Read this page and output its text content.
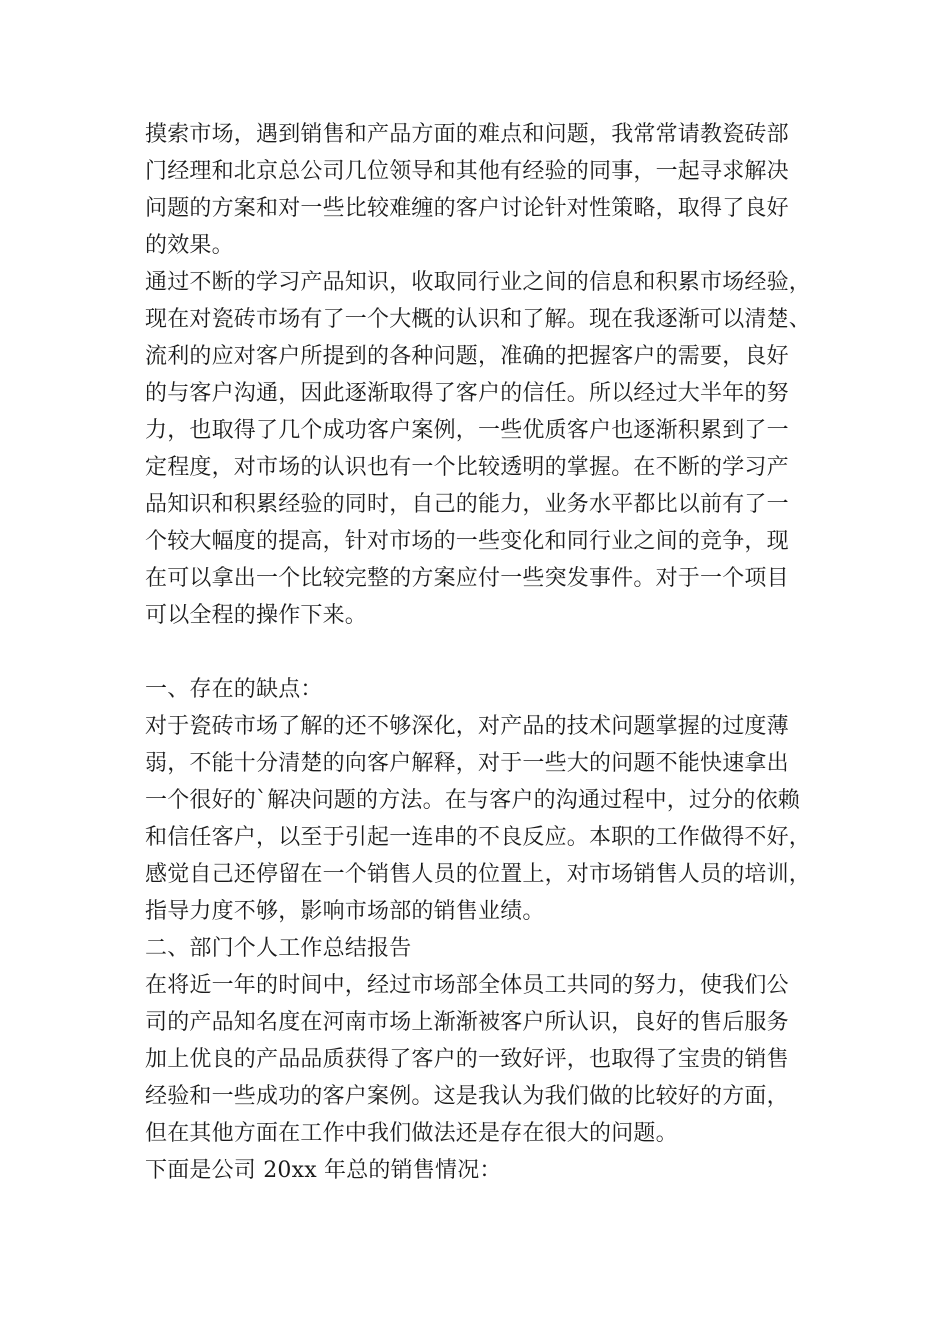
摸索市场，遇到销售和产品方面的难点和问题，我常常请教瓷砖部
门经理和北京总公司几位领导和其他有经验的同事，一起寻求解决
问题的方案和对一些比较难缠的客户讨论针对性策略，取得了良好
的效果。
通过不断的学习产品知识，收取同行业之间的信息和积累市场经验，
现在对瓷砖市场有了一个大概的认识和了解。现在我逐渐可以清楚、
流利的应对客户所提到的各种问题，准确的把握客户的需要，良好
的与客户沟通，因此逐渐取得了客户的信任。所以经过大半年的努
力，也取得了几个成功客户案例，一些优质客户也逐渐积累到了一
定程度，对市场的认识也有一个比较透明的掌握。在不断的学习产
品知识和积累经验的同时，自己的能力，业务水平都比以前有了一
个较大幅度的提高，针对市场的一些变化和同行业之间的竞争，现
在可以拿出一个比较完整的方案应付一些突发事件。对于一个项目
可以全程的操作下来。
一、存在的缺点：
对于瓷砖市场了解的还不够深化，对产品的技术问题掌握的过度薄
弱，不能十分清楚的向客户解释，对于一些大的问题不能快速拿出
一个很好的`解决问题的方法。在与客户的沟通过程中，过分的依赖
和信任客户，以至于引起一连串的不良反应。本职的工作做得不好，
感觉自己还停留在一个销售人员的位置上，对市场销售人员的培训，
指导力度不够，影响市场部的销售业绩。
二、部门个人工作总结报告
在将近一年的时间中，经过市场部全体员工共同的努力，使我们公
司的产品知名度在河南市场上渐渐被客户所认识，良好的售后服务
加上优良的产品品质获得了客户的一致好评，也取得了宝贵的销售
经验和一些成功的客户案例。这是我认为我们做的比较好的方面，
但在其他方面在工作中我们做法还是存在很大的问题。
下面是公司 20xx 年总的销售情况：
